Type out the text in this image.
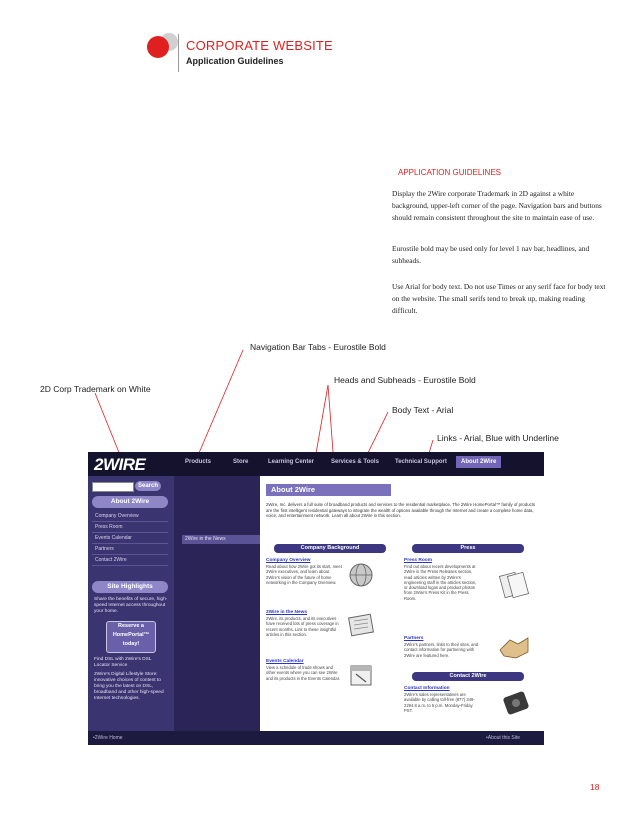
CORPORATE WEBSITE
Application Guidelines
APPLICATION GUIDELINES

Display the 2Wire corporate Trademark in 2D against a white background, upper-left corner of the page. Navigation bars and buttons should remain consistent throughout the site to maintain ease of use.

Eurostile bold may be used only for level 1 nav bar, headlines, and subheads.

Use Arial for body text. Do not use Times or any serif face for body text on the website. The small serifs tend to break up, making reading difficult.

Navigation Bar Tabs - Eurostile Bold
Heads and Subheads - Eurostile Bold
2D Corp Trademark on White
Body Text - Arial
Links - Arial, Blue with Underline
2WIRE	Products	Store	Learning Center	Services & Tools	Technical Support	About 2Wire
Search
About 2Wire
Company Overview
Press Room
Events Calendar
Partners
Contact 2Wire
Site Highlights
Share the benefits of secure, high-speed Internet access throughout your home.
Reserve a HomePortal™ today!
Find DSL with 2Wire's DSL Locator Service
2Wire's Digital Lifestyle Store: innovative choices of content to bring you the latest on DSL, broadband and other high-speed Internet technologies.
2Wire in the News
About 2Wire
2Wire, Inc. delivers a full suite of broadband products and services to the residential marketplace. The 2Wire HomePortal™ family of products are the first intelligent residential gateways to integrate the wealth of options available through the Internet and create a complete home data, voice, and entertainment network. Learn all about 2Wire in this section.
Company Background	Press
Company Overview
Read about how 2Wire got its start, meet 2Wire executives, and learn about 2Wire's vision of the future of home networking in the Company Overview.
2Wire in the News
2Wire, its products, and its executives have received lots of press coverage in recent months. Link to these insightful articles in this section.
Events Calendar
View a schedule of trade shows and other events where you can see 2Wire and its products in the Events Calendar.
Press Room
Find out about recent developments at 2Wire in the Press Releases section, read articles written by 2Wire's engineering staff in the articles section, or download logos and product photos from 2Wire's Press Kit in the Press Room.
Partners
2Wire's partners, links to their sites, and contact information for partnering with 2Wire are featured here.
Contact 2Wire
Contact Information
2Wire's sales representatives are available by calling toll-free (877) 349-2294 8 a.m. to 5 p.m. Monday-Friday PST.
•2Wire Home	•About this Site
18
